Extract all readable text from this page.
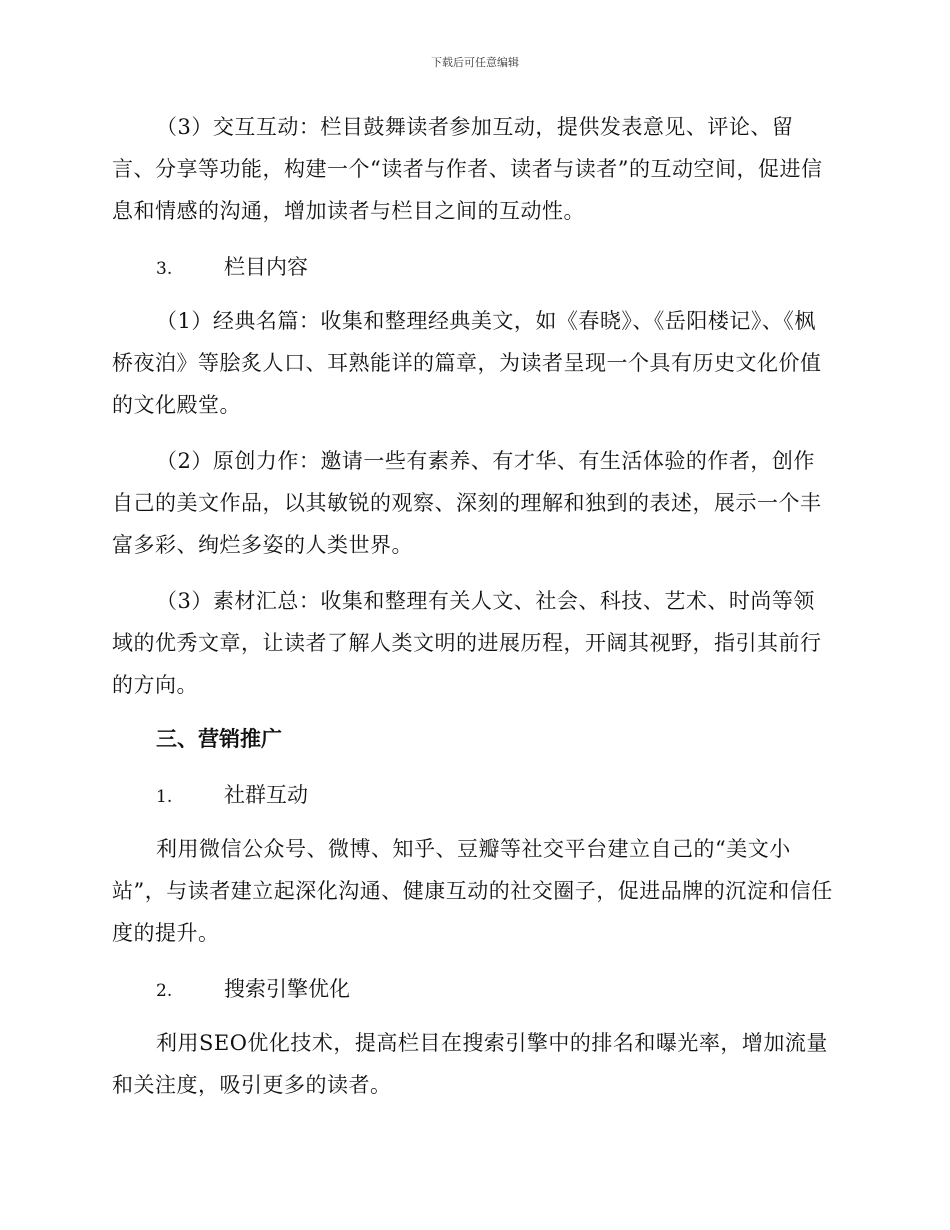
下载后可任意编辑

（3）交互互动：栏目鼓舞读者参加互动，提供发表意见、评论、留言、分享等功能，构建一个“读者与作者、读者与读者”的互动空间，促进信息和情感的沟通，增加读者与栏目之间的互动性。

3. 栏目内容

（1）经典名篇：收集和整理经典美文，如《春晓》、《岳阳楼记》、《枫桥夜泊》等脍炙人口、耳熟能详的篇章，为读者呈现一个具有历史文化价值的文化殿堂。

（2）原创力作：邀请一些有素养、有才华、有生活体验的作者，创作自己的美文作品，以其敏锐的观察、深刻的理解和独到的表述，展示一个丰富多彩、绚烂多姿的人类世界。

（3）素材汇总：收集和整理有关人文、社会、科技、艺术、时尚等领域的优秀文章，让读者了解人类文明的进展历程，开阔其视野，指引其前行的方向。

三、营销推广

1. 社群互动

利用微信公众号、微博、知乎、豆瓣等社交平台建立自己的“美文小站”，与读者建立起深化沟通、健康互动的社交圈子，促进品牌的沉淀和信任度的提升。

2. 搜索引擎优化

利用SEO优化技术，提高栏目在搜索引擎中的排名和曝光率，增加流量和关注度，吸引更多的读者。
